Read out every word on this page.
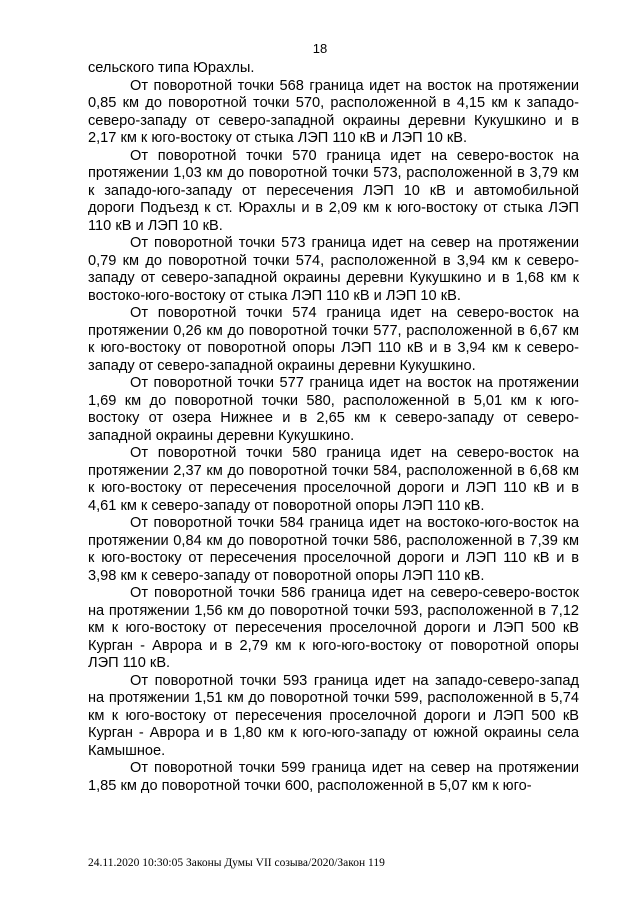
18

сельского типа Юрахлы.

От поворотной точки 568 граница идет на восток на протяжении 0,85 км до поворотной точки 570, расположенной в 4,15 км к западо-северо-западу от северо-западной окраины деревни Кукушкино и в 2,17 км к юго-востоку от стыка ЛЭП 110 кВ и ЛЭП 10 кВ.

От поворотной точки 570 граница идет на северо-восток на протяжении 1,03 км до поворотной точки 573, расположенной в 3,79 км к западо-юго-западу от пересечения ЛЭП 10 кВ и автомобильной дороги Подъезд к ст. Юрахлы и в 2,09 км к юго-востоку от стыка ЛЭП 110 кВ и ЛЭП 10 кВ.

От поворотной точки 573 граница идет на север на протяжении 0,79 км до поворотной точки 574, расположенной в 3,94 км к северо-западу от северо-западной окраины деревни Кукушкино и в 1,68 км к востоко-юго-востоку от стыка ЛЭП 110 кВ и ЛЭП 10 кВ.

От поворотной точки 574 граница идет на северо-восток на протяжении 0,26 км до поворотной точки 577, расположенной в 6,67 км к юго-востоку от поворотной опоры ЛЭП 110 кВ и в 3,94 км к северо-западу от северо-западной окраины деревни Кукушкино.

От поворотной точки 577 граница идет на восток на протяжении 1,69 км до поворотной точки 580, расположенной в 5,01 км к юго-востоку от озера Нижнее и в 2,65 км к северо-западу от северо-западной окраины деревни Кукушкино.

От поворотной точки 580 граница идет на северо-восток на протяжении 2,37 км до поворотной точки 584, расположенной в 6,68 км к юго-востоку от пересечения проселочной дороги и ЛЭП 110 кВ и в 4,61 км к северо-западу от поворотной опоры ЛЭП 110 кВ.

От поворотной точки 584 граница идет на востоко-юго-восток на протяжении 0,84 км до поворотной точки 586, расположенной в 7,39 км к юго-востоку от пересечения проселочной дороги и ЛЭП 110 кВ и в 3,98 км к северо-западу от поворотной опоры ЛЭП 110 кВ.

От поворотной точки 586 граница идет на северо-северо-восток на протяжении 1,56 км до поворотной точки 593, расположенной в 7,12 км к юго-востоку от пересечения проселочной дороги и ЛЭП 500 кВ Курган - Аврора и в 2,79 км к юго-юго-востоку от поворотной опоры ЛЭП 110 кВ.

От поворотной точки 593 граница идет на западо-северо-запад на протяжении 1,51 км до поворотной точки 599, расположенной в 5,74 км к юго-востоку от пересечения проселочной дороги и ЛЭП 500 кВ Курган - Аврора и в 1,80 км к юго-юго-западу от южной окраины села Камышное.

От поворотной точки 599 граница идет на север на протяжении 1,85 км до поворотной точки 600, расположенной в 5,07 км к юго-

24.11.2020 10:30:05 Законы Думы VII созыва/2020/Закон 119
